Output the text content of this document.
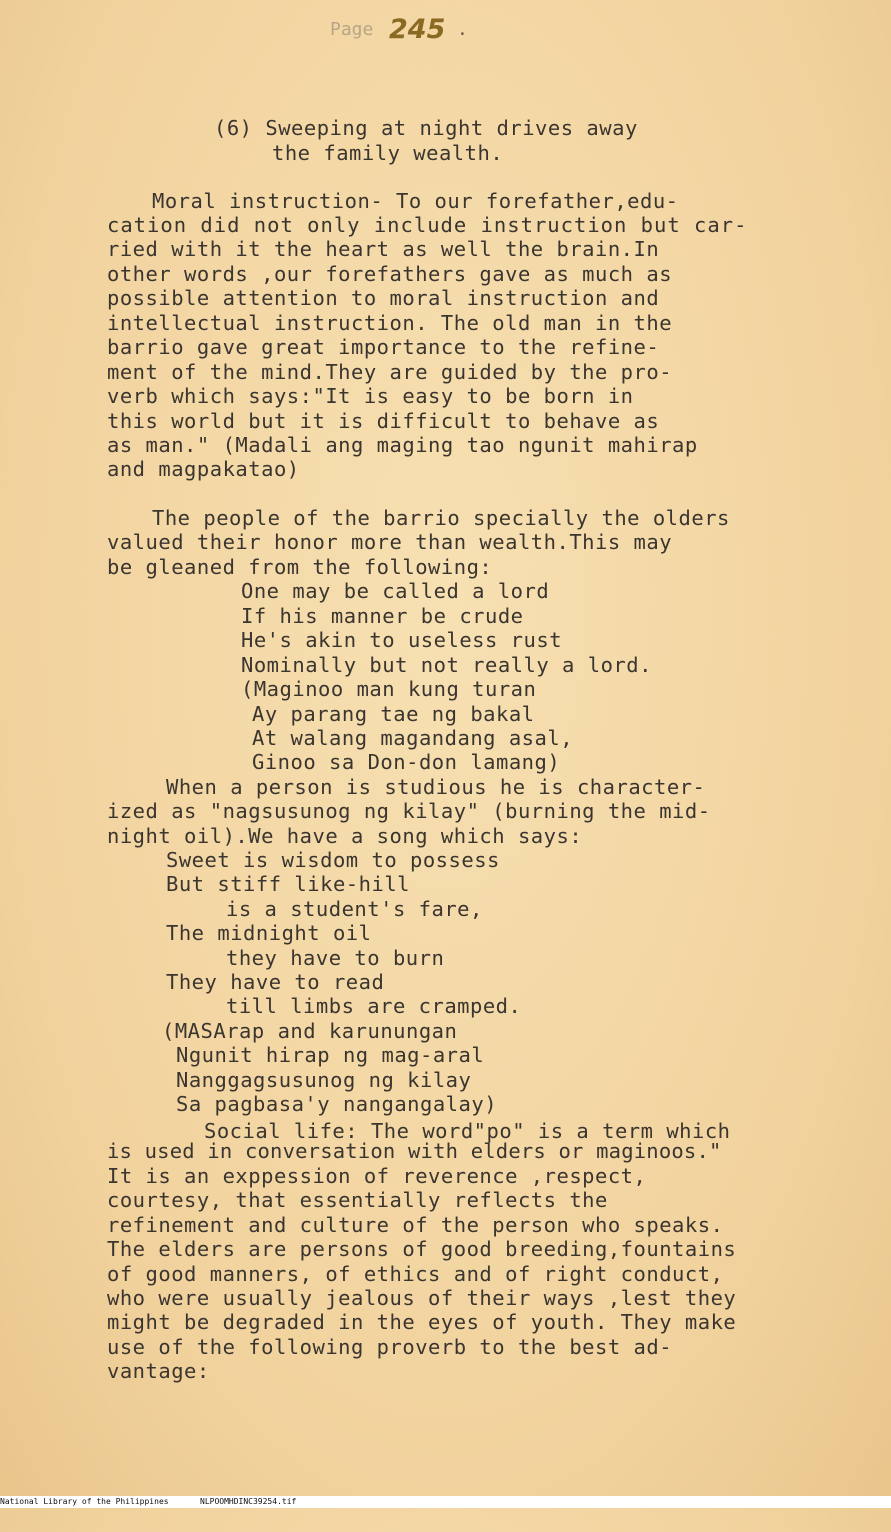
Page 245 .
(6) Sweeping at night drives away
the family wealth.
Moral instruction- To our forefather,edu-
cation did not only include instruction but car-
ried with it the heart as well the brain.In
other words ,our forefathers gave as much as
possible attention to moral instruction and
intellectual instruction. The old man in the
barrio gave great importance to the refine-
ment of the mind.They are guided by the pro-
verb which says:"It is easy to be born in
this world but it is difficult to behave as
as man." (Madali ang maging tao ngunit mahirap
and magpakatao)
The people of the barrio specially the olders
valued their honor more than wealth.This may
be gleaned from the following:
One may be called a lord
If his manner be crude
He's akin to useless rust
Nominally but not really a lord.
(Maginoo man kung turan
Ay parang tae ng bakal
At walang magandang asal,
Ginoo sa Don-don lamang)
When a person is studious he is character-
ized as "nagsusunog ng kilay" (burning the mid-
night oil).We have a song which says:
Sweet is wisdom to possess
But stiff like-hill
is a student's fare,
The midnight oil
they have to burn
They have to read
till limbs are cramped.
(MASArap and karunungan
Ngunit hirap ng mag-aral
Nanggagsusunog ng kilay
Sa pagbasa'y nangangalay)
Social life: The word"po" is a term which
is used in conversation with elders or maginoos."
It is an exppession of reverence ,respect,
courtesy, that essentially reflects the
refinement and culture of the person who speaks.
The elders are persons of good breeding,fountains
of good manners, of ethics and of right conduct,
who were usually jealous of their ways ,lest they
might be degraded in the eyes of youth. They make
use of the following proverb to the best ad-
vantage:

National Library of the Philippines

	NLPOOMHDINC39254.tif
